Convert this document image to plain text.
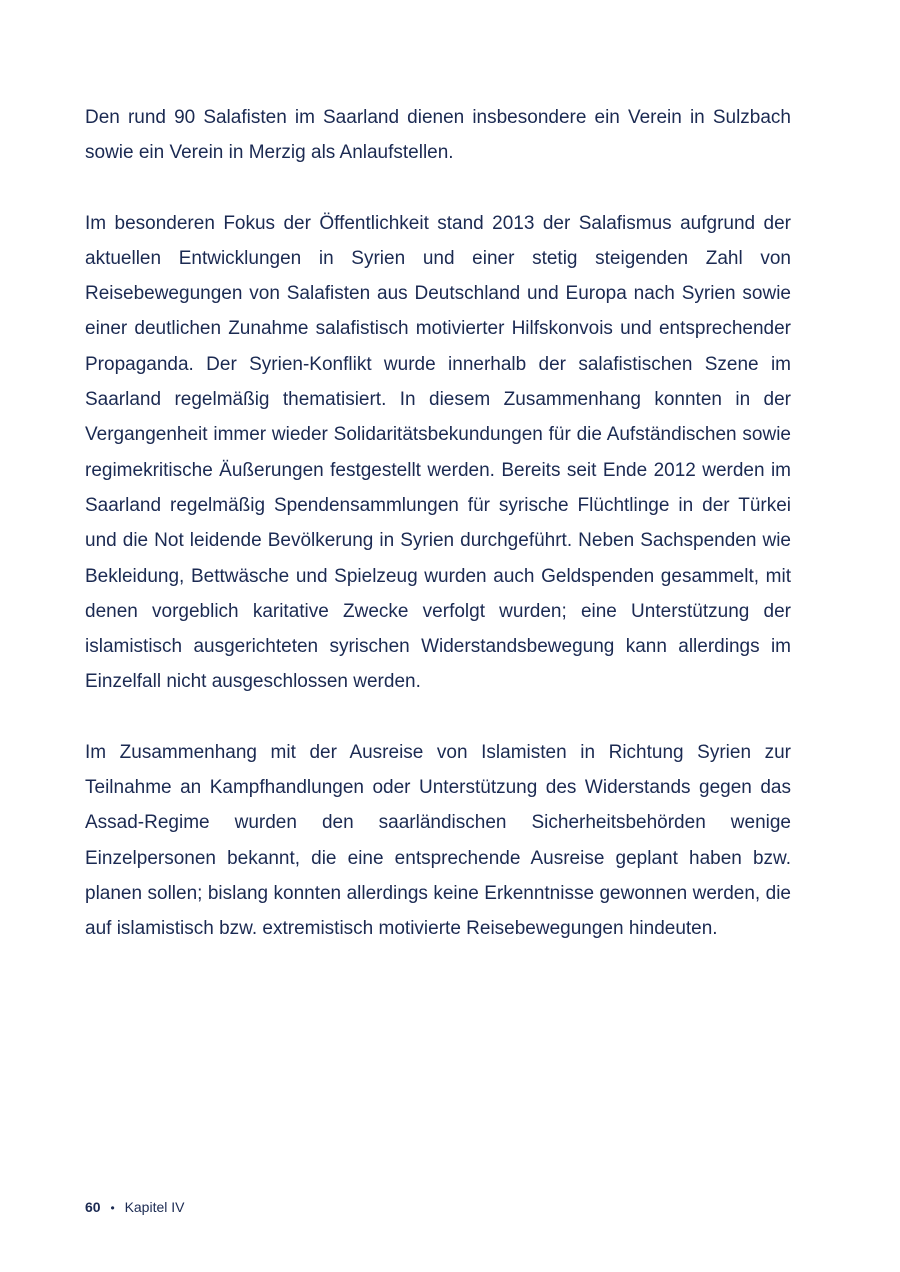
Den rund 90 Salafisten im Saarland dienen insbesondere ein Verein in Sulzbach sowie ein Verein in Merzig als Anlaufstellen.

Im besonderen Fokus der Öffentlichkeit stand 2013 der Salafismus aufgrund der aktuellen Entwicklungen in Syrien und einer stetig steigenden Zahl von Reisebewegungen von Salafisten aus Deutschland und Europa nach Syrien sowie einer deutlichen Zunahme salafistisch motivierter Hilfskonvois und entsprechender Propaganda. Der Syrien-Konflikt wurde innerhalb der salafistischen Szene im Saarland regelmäßig thematisiert. In diesem Zusammenhang konnten in der Vergangenheit immer wieder Solidaritätsbekundungen für die Aufständischen sowie regimekritische Äußerungen festgestellt werden. Bereits seit Ende 2012 werden im Saarland regelmäßig Spendensammlungen für syrische Flüchtlinge in der Türkei und die Not leidende Bevölkerung in Syrien durchgeführt. Neben Sachspenden wie Bekleidung, Bettwäsche und Spielzeug wurden auch Geldspenden gesammelt, mit denen vorgeblich karitative Zwecke verfolgt wurden; eine Unterstützung der islamistisch ausgerichteten syrischen Widerstandsbewegung kann allerdings im Einzelfall nicht ausgeschlossen werden.

Im Zusammenhang mit der Ausreise von Islamisten in Richtung Syrien zur Teilnahme an Kampfhandlungen oder Unterstützung des Widerstands gegen das Assad-Regime wurden den saarländischen Sicherheitsbehörden wenige Einzelpersonen bekannt, die eine entsprechende Ausreise geplant haben bzw. planen sollen; bislang konnten allerdings keine Erkenntnisse gewonnen werden, die auf islamistisch bzw. extremistisch motivierte Reisebewegungen hindeuten.

60 • Kapitel IV
